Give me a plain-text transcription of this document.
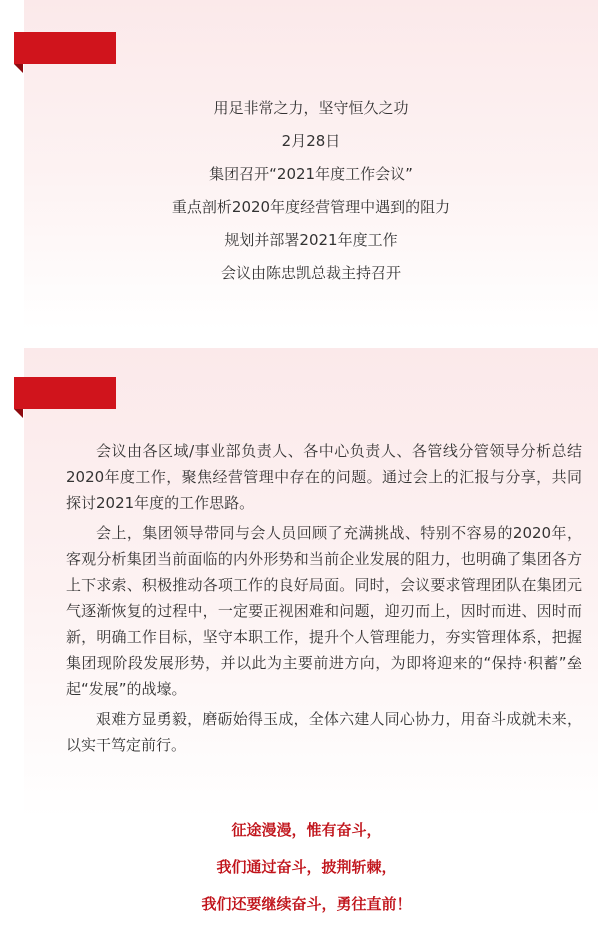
用足非常之力，坚守恒久之功

2月28日

集团召开“2021年度工作会议”

重点剖析2020年度经营管理中遇到的阻力

规划并部署2021年度工作

会议由陈忠凯总裁主持召开

会议由各区域/事业部负责人、各中心负责人、各管线分管领导分析总结2020年度工作，聚焦经营管理中存在的问题。通过会上的汇报与分享，共同探讨2021年度的工作思路。

会上，集团领导带同与会人员回顾了充满挑战、特别不容易的2020年，客观分析集团当前面临的内外形势和当前企业发展的阻力，也明确了集团各方上下求索、积极推动各项工作的良好局面。同时，会议要求管理团队在集团元气逐渐恢复的过程中，一定要正视困难和问题，迎刃而上，因时而进、因时而新，明确工作目标，坚守本职工作，提升个人管理能力，夯实管理体系，把握集团现阶段发展形势，并以此为主要前进方向，为即将迎来的“保持·积蓄”垒起“发展”的战壕。

艰难方显勇毅，磨砺始得玉成，全体六建人同心协力，用奋斗成就未来，以实干笃定前行。

征途漫漫，惟有奋斗，

我们通过奋斗，披荆斩棘，

我们还要继续奋斗，勇往直前！
